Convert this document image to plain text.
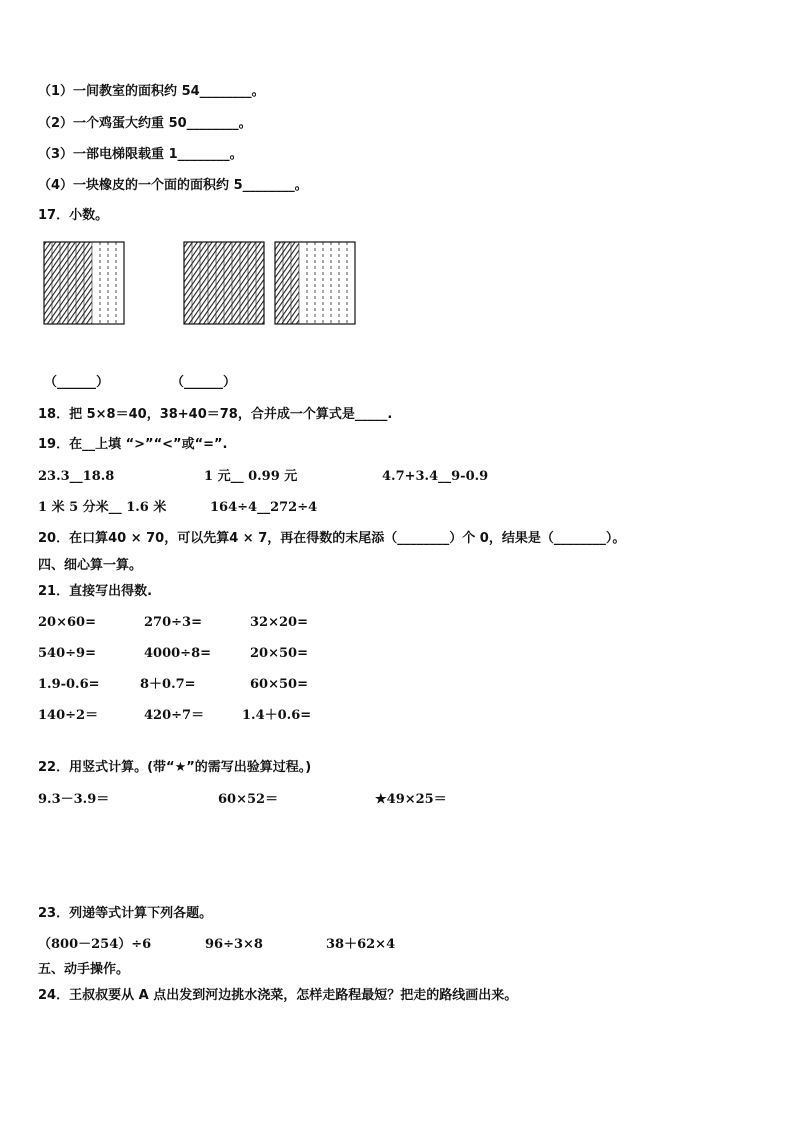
（1）一间教室的面积约 54________。
（2）一个鸡蛋大约重 50________。
（3）一部电梯限载重 1________。
（4）一块橡皮的一个面的面积约 5________。
17．小数。
（______）	（______）
18．把 5×8＝40，38+40＝78，合并成一个算式是_____.
19．在__上填 “>”“<”或“=”.
23.3__18.8	1 元__ 0.99 元	4.7+3.4__9-0.9
1 米 5 分米__ 1.6 米	164÷4__272÷4
20．在口算40 × 70，可以先算4 × 7，再在得数的末尾添（________）个 0，结果是（________）。
四、细心算一算。
21．直接写出得数.
20×60=	270÷3=	32×20=
540÷9=	4000÷8=	20×50=
1.9-0.6=	8＋0.7=	60×50=
140÷2＝	420÷7＝	1.4＋0.6=
22．用竖式计算。(带“★”的需写出验算过程。)
9.3－3.9＝	60×52＝	★49×25＝
23．列递等式计算下列各题。
（800－254）÷6	96÷3×8	38＋62×4
五、动手操作。
24．王叔叔要从 A 点出发到河边挑水浇菜，怎样走路程最短？把走的路线画出来。
